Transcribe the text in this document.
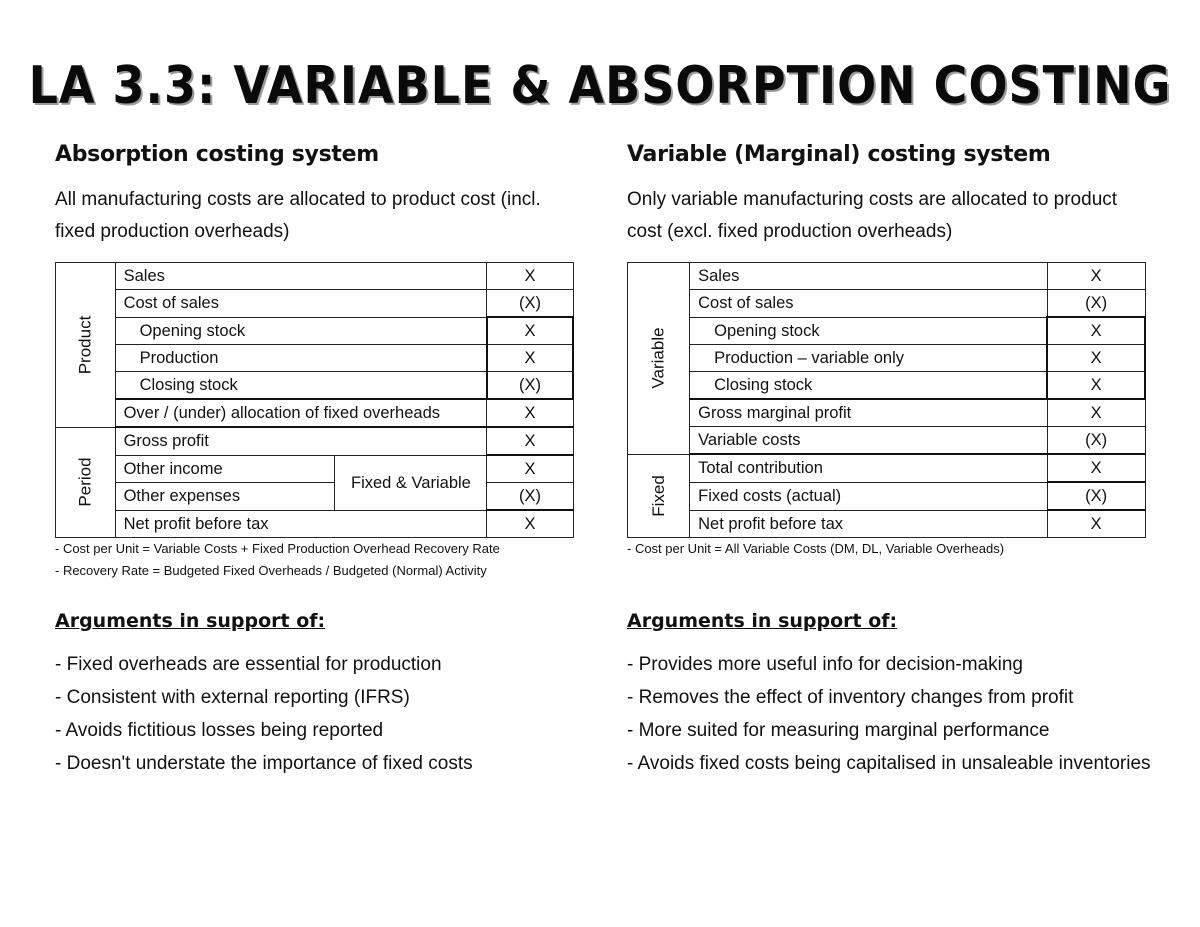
LA 3.3: VARIABLE & ABSORPTION COSTING
Absorption costing system
All manufacturing costs are allocated to product cost (incl. fixed production overheads)
Product	Sales		X
	Cost of sales		(X)
	Opening stock		X
	Production		X
	Closing stock		(X)
	Over / (under) allocation of fixed overheads		X
Period	Gross profit		X
	Other income	Fixed & Variable	X
	Other expenses		(X)
	Net profit before tax		X
- Cost per Unit = Variable Costs + Fixed Production Overhead Recovery Rate
- Recovery Rate = Budgeted Fixed Overheads / Budgeted (Normal) Activity
Arguments in support of:
- Fixed overheads are essential for production
- Consistent with external reporting (IFRS)
- Avoids fictitious losses being reported
- Doesn't understate the importance of fixed costs
Variable (Marginal) costing system
Only variable manufacturing costs are allocated to product cost (excl. fixed production overheads)
Variable	Sales	X
	Cost of sales	(X)
	Opening stock	X
	Production – variable only	X
	Closing stock	X
	Gross marginal profit	X
	Variable costs	(X)
Fixed	Total contribution	X
	Fixed costs (actual)	(X)
	Net profit before tax	X
- Cost per Unit = All Variable Costs (DM, DL, Variable Overheads)
Arguments in support of:
- Provides more useful info for decision-making
- Removes the effect of inventory changes from profit
- More suited for measuring marginal performance
- Avoids fixed costs being capitalised in unsaleable inventories
